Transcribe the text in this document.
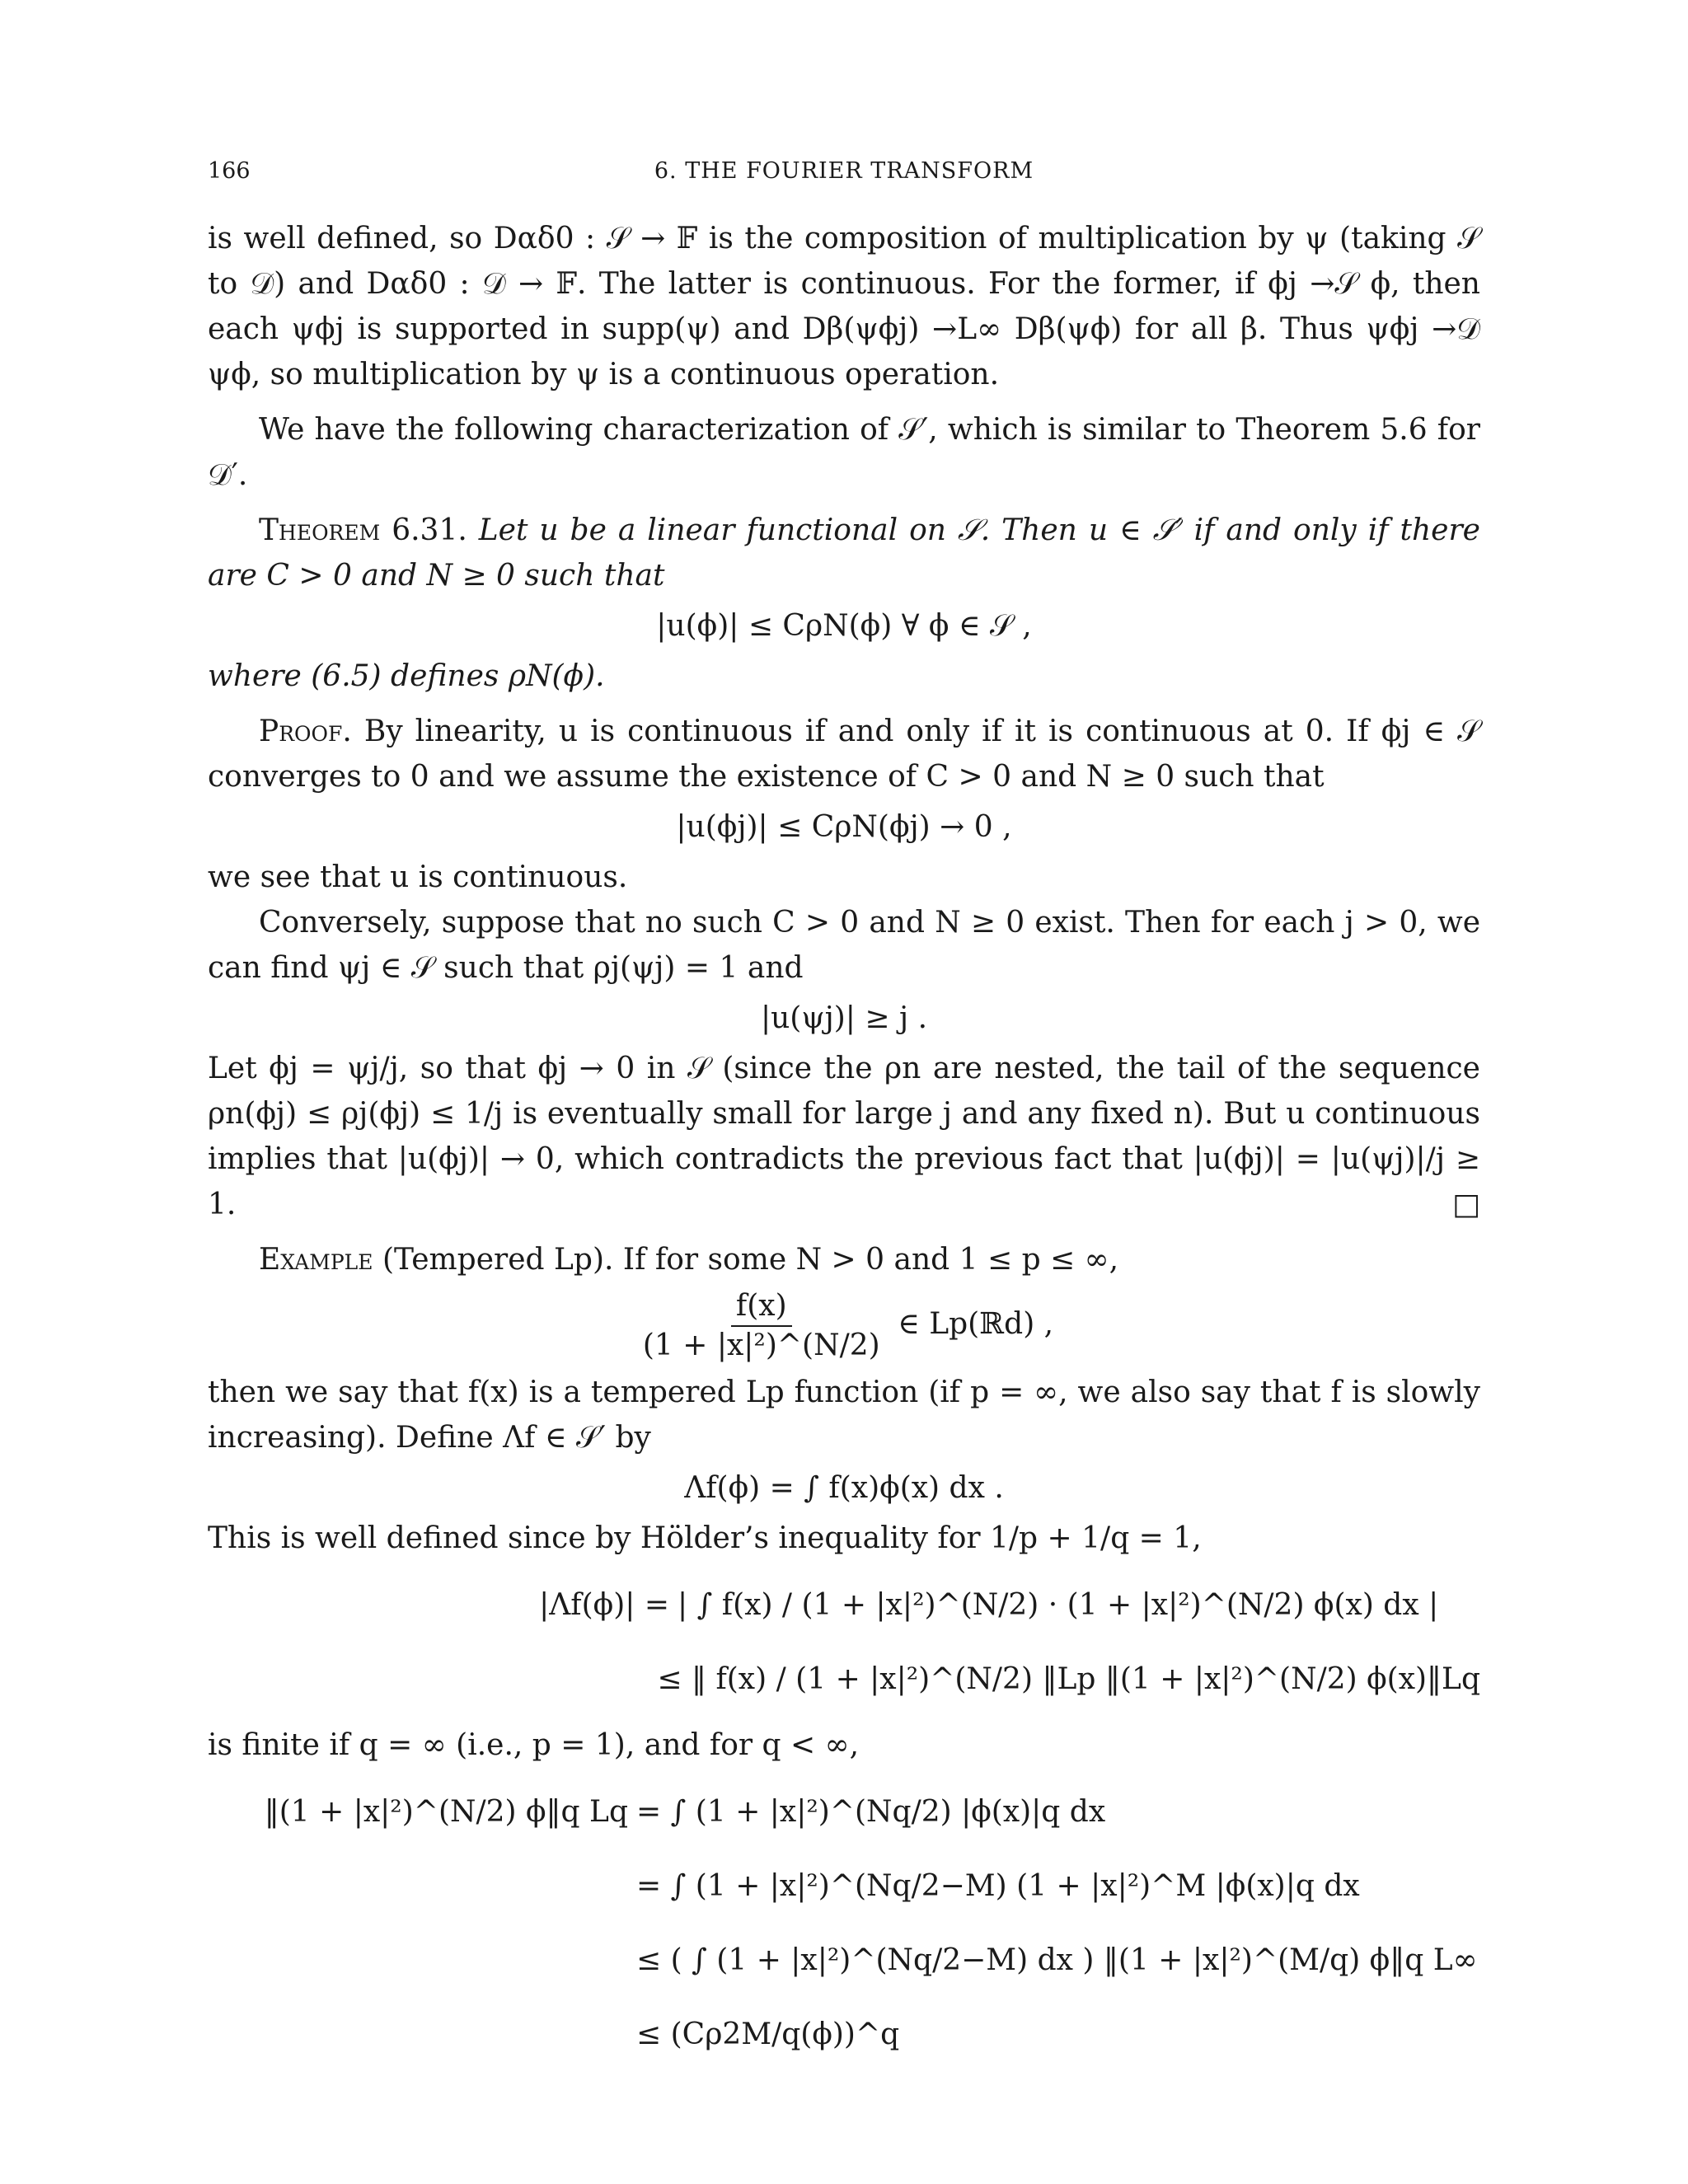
166	6. THE FOURIER TRANSFORM

is well defined, so Dαδ0 : 𝒮 → 𝔽 is the composition of multiplication by ψ (taking 𝒮 to 𝒟) and Dαδ0 : 𝒟 → 𝔽. The latter is continuous. For the former, if ϕj →𝒮 ϕ, then each ψϕj is supported in supp(ψ) and Dβ(ψϕj) →L∞ Dβ(ψϕ) for all β. Thus ψϕj →𝒟 ψϕ, so multiplication by ψ is a continuous operation.

We have the following characterization of 𝒮′, which is similar to Theorem 5.6 for 𝒟′.

Theorem 6.31. Let u be a linear functional on 𝒮. Then u ∈ 𝒮′ if and only if there are C > 0 and N ≥ 0 such that

|u(ϕ)| ≤ CρN(ϕ) ∀ ϕ ∈ 𝒮 ,

where (6.5) defines ρN(ϕ).

Proof. By linearity, u is continuous if and only if it is continuous at 0. If ϕj ∈ 𝒮 converges to 0 and we assume the existence of C > 0 and N ≥ 0 such that

|u(ϕj)| ≤ CρN(ϕj) → 0 ,

we see that u is continuous.

Conversely, suppose that no such C > 0 and N ≥ 0 exist. Then for each j > 0, we can find ψj ∈ 𝒮 such that ρj(ψj) = 1 and

|u(ψj)| ≥ j .

Let ϕj = ψj/j, so that ϕj → 0 in 𝒮 (since the ρn are nested, the tail of the sequence ρn(ϕj) ≤ ρj(ϕj) ≤ 1/j is eventually small for large j and any fixed n). But u continuous implies that |u(ϕj)| → 0, which contradicts the previous fact that |u(ϕj)| = |u(ψj)|/j ≥ 1.	□

Example (Tempered Lp). If for some N > 0 and 1 ≤ p ≤ ∞,

$\frac{f(x)}{\text{(1 + |x|²)\textasciicircum{}(N/2)}}$ ∈ Lp(ℝd) ,

then we say that f(x) is a tempered Lp function (if p = ∞, we also say that f is slowly increasing). Define Λf ∈ 𝒮′ by

Λf(ϕ) = ∫ f(x)ϕ(x) dx .

This is well defined since by Hölder’s inequality for 1/p + 1/q = 1,

|Λf(ϕ)| = | ∫ f(x) / (1 + |x|²)^(N/2) · (1 + |x|²)^(N/2) ϕ(x) dx |
≤ ‖ f(x) / (1 + |x|²)^(N/2) ‖Lp ‖(1 + |x|²)^(N/2) ϕ(x)‖Lq

is finite if q = ∞ (i.e., p = 1), and for q < ∞,

‖(1 + |x|²)^(N/2) ϕ‖q Lq = ∫ (1 + |x|²)^(Nq/2) |ϕ(x)|q dx
= ∫ (1 + |x|²)^(Nq/2−M) (1 + |x|²)^M |ϕ(x)|q dx
≤ ( ∫ (1 + |x|²)^(Nq/2−M) dx ) ‖(1 + |x|²)^(M/q) ϕ‖q L∞
≤ (Cρ2M/q(ϕ))^q
